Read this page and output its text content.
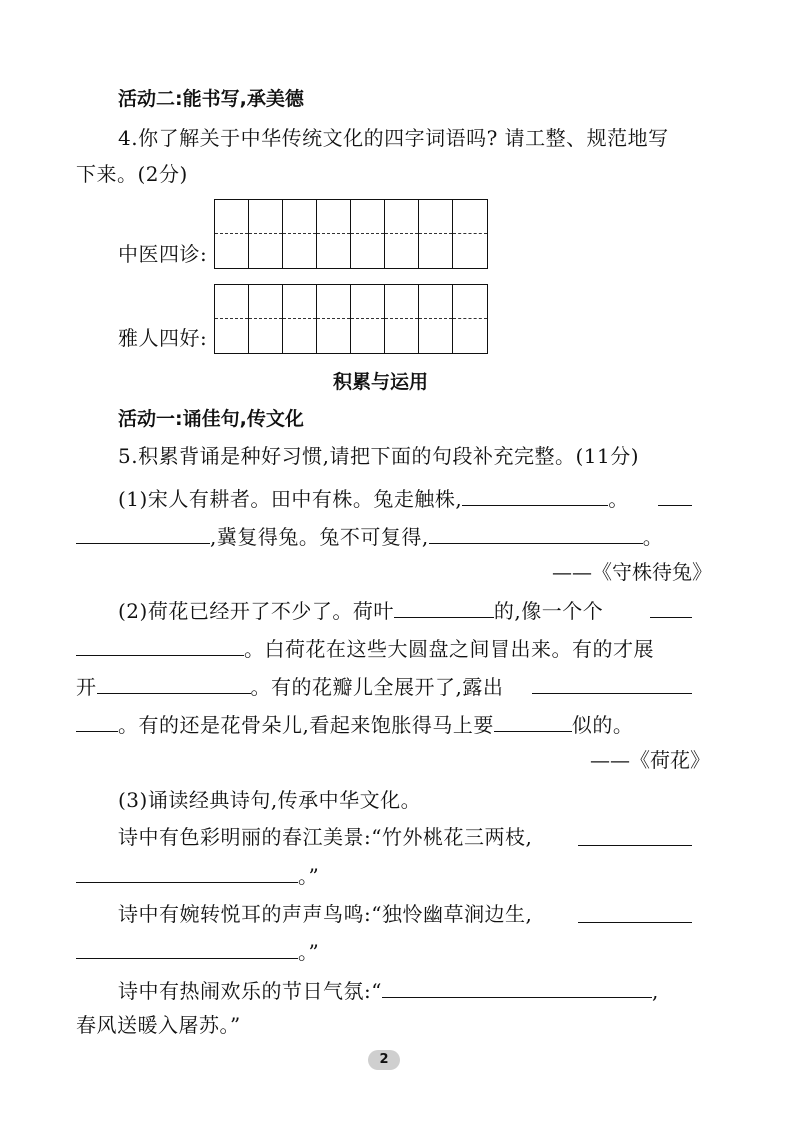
活动二:能书写,承美德
4.你了解关于中华传统文化的四字词语吗? 请工整、规范地写
下来。(2分)
中医四诊:
雅人四好:
积累与运用
活动一:诵佳句,传文化
5.积累背诵是种好习惯,请把下面的句段补充完整。(11分)
(1)宋人有耕者。田中有株。兔走触株,	。
,冀复得兔。兔不可复得,	。
——《守株待兔》
(2)荷花已经开了不少了。荷叶	的,像一个个
。白荷花在这些大圆盘之间冒出来。有的才展
开	。有的花瓣儿全展开了,露出
。有的还是花骨朵儿,看起来饱胀得马上要	似的。
——《荷花》
(3)诵读经典诗句,传承中华文化。
诗中有色彩明丽的春江美景:“竹外桃花三两枝,
。”
诗中有婉转悦耳的声声鸟鸣:“独怜幽草涧边生,
。”
诗中有热闹欢乐的节日气氛:“	,
春风送暖入屠苏。”
2
